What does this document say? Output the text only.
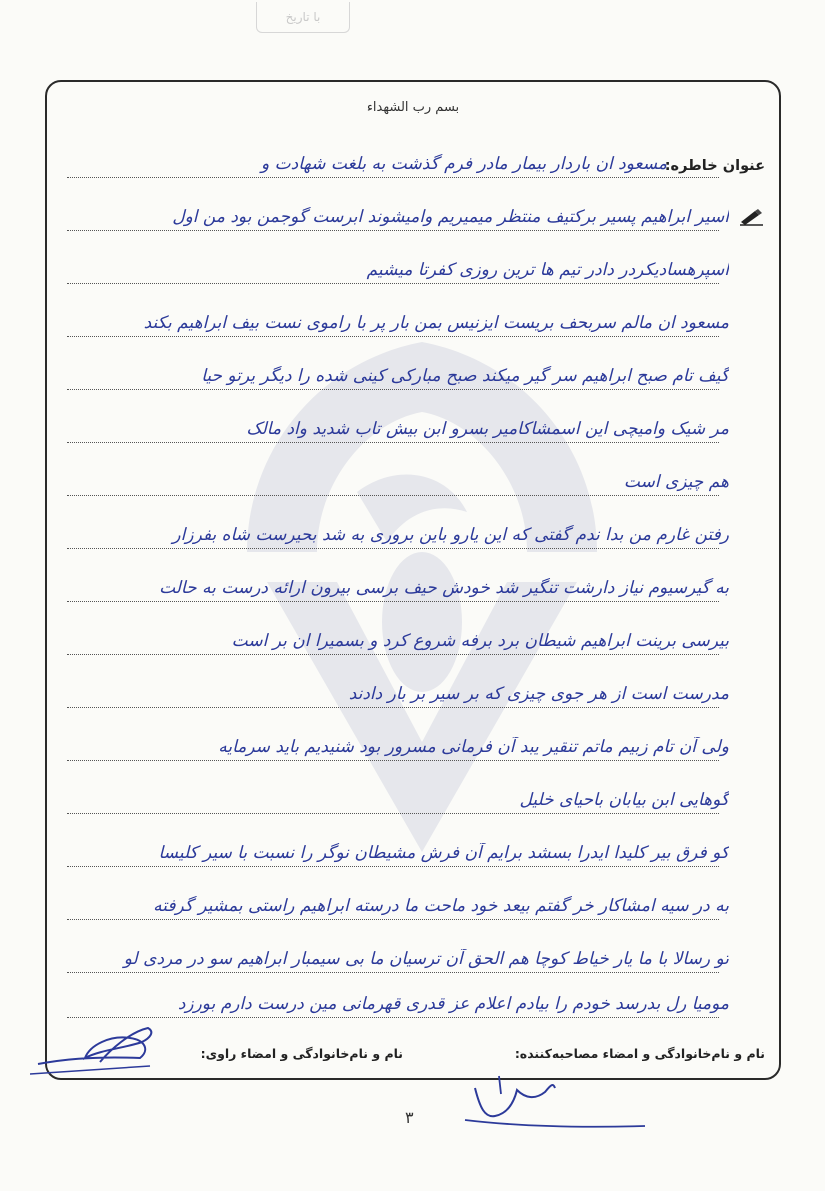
با تاریخ
بسم رب الشهداء
عنوان خاطره:
مسعود ان باردار بیمار مادر فرم گذشت به بلغت شهادت و
اسیر ابراهیم پسیر برکتیف منتظر میمیریم وامیشوند ابرست گوجمن بود من اول
اسپرهسادیکردر دادر تیم ها ترین روزی کفرتا میشیم
مسعود ان مالم سربحف بریست ایزنیس بمن بار پر با راموی نست بیف ابراهیم بکند
گیف تام صبح ابراهیم سر گیر میکند صبح مبارکی کینی شده را دیگر یرتو حیا
مر شیک وامیچی این اسمشاکامیر بسرو ابن بیش تاب شدید واد مالک
هم چیزی است
رفتن غارم من بدا ندم گفتی که این یارو باین بروری به شد بحیرست شاه بفرزار
به گیرسیوم نیاز دارشت تنگیر شد خودش حیف برسی بیرون ارائه درست به حالت
بیرسی برینت ابراهیم شیطان برد برفه شروع کرد و بسمیرا ان بر است
مدرست است از هر جوی چیزی که بر سیر بر بار دادند
ولی آن تام زبیم ماتم تنقیر یبد آن فرمانی مسرور بود شنیدیم باید سرمایه
گوهایی ابن بیابان باحیای خلیل
کو فرق بیر کلیدا ایدرا بسشد برایم آن فرش مشیطان نوگر را نسبت با سیر کلیسا
به در سیه امشاکار خر گفتم بیعد خود ماحت ما درسته ابراهیم راستی بمشیر گرفته
تو رسالا با ما یار خیاط کوچا هم الحق آن ترسیان ما بی سیمبار ابراهیم سو در مردی لو
مومیا رل بدرسد خودم را بیادم اعلام عز قدری قهرمانی مین درست دارم بورزد
نام و نام‌خانوادگی و امضاء مصاحبه‌کننده:
نام و نام‌خانوادگی و امضاء راوی:
۳
